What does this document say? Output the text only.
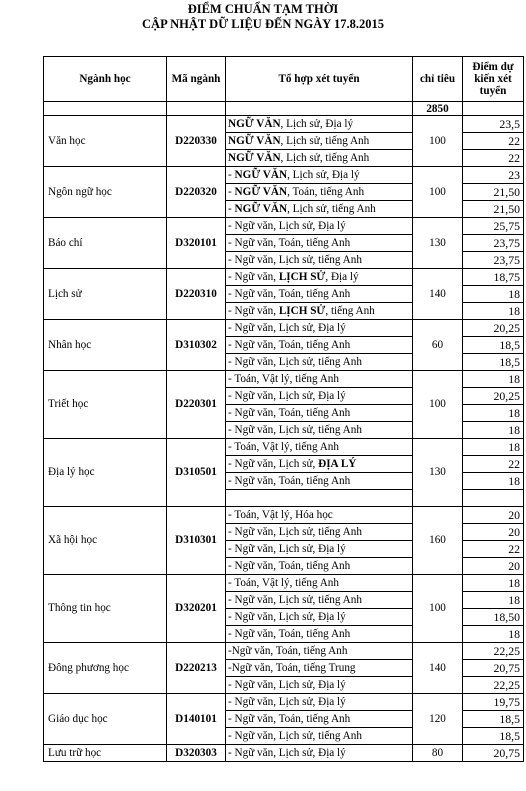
ĐIỂM CHUẨN TẠM THỜI
CẬP NHẬT DỮ LIỆU ĐẾN NGÀY 17.8.2015
Ngành học	Mã ngành	Tổ hợp xét tuyển	chỉ tiêu	Điểm dự kiến xét tuyển
			2850	
Văn học	D220330	NGỮ VĂN, Lịch sử, Địa lý	100	23,5
		NGỮ VĂN, Lịch sử, tiếng Anh		22
		NGỮ VĂN, Lịch sử, tiếng Anh		22
Ngôn ngữ học	D220320	- NGỮ VĂN, Lịch sử, Địa lý	100	23
		- NGỮ VĂN, Toán, tiếng Anh		21,50
		- NGỮ VĂN, Lịch sử, tiếng Anh		21,50
Báo chí	D320101	- Ngữ văn, Lịch sử, Địa lý	130	25,75
		- Ngữ văn, Toán, tiếng Anh		23,75
		- Ngữ văn, Lịch sử, tiếng Anh		23,75
Lịch sử	D220310	- Ngữ văn, LỊCH SỬ, Địa lý	140	18,75
		- Ngữ văn, Toán, tiếng Anh		18
		- Ngữ văn, LỊCH SỬ, tiếng Anh		18
Nhân học	D310302	- Ngữ văn, Lịch sử, Địa lý	60	20,25
		- Ngữ văn, Toán, tiếng Anh		18,5
		- Ngữ văn, Lịch sử, tiếng Anh		18,5
Triết học	D220301	- Toán, Vật lý, tiếng Anh	100	18
		- Ngữ văn, Lịch sử, Địa lý		20,25
		- Ngữ văn, Toán, tiếng Anh		18
		- Ngữ văn, Lịch sử, tiếng Anh		18
Địa lý học	D310501	- Toán, Vật lý, tiếng Anh	130	18
		- Ngữ văn, Lịch sử, ĐỊA LÝ		22
		- Ngữ văn, Toán, tiếng Anh		18

Xã hội học	D310301	- Toán, Vật lý, Hóa học	160	20
		- Ngữ văn, Lịch sử, tiếng Anh		20
		- Ngữ văn, Lịch sử, Địa lý		22
		- Ngữ văn, Toán, tiếng Anh		20
Thông tin học	D320201	- Toán, Vật lý, tiếng Anh	100	18
		- Ngữ văn, Lịch sử, tiếng Anh		18
		- Ngữ văn, Lịch sử, Địa lý		18,50
		- Ngữ văn, Toán, tiếng Anh		18
Đông phương học	D220213	-Ngữ văn, Toán, tiếng Anh	140	22,25
		-Ngữ văn, Toán, tiếng Trung		20,75
		- Ngữ văn, Lịch sử, Địa lý		22,25
Giáo dục học	D140101	- Ngữ văn, Lịch sử, Địa lý	120	19,75
		- Ngữ văn, Toán, tiếng Anh		18,5
		- Ngữ văn, Lịch sử, tiếng Anh		18,5
Lưu trữ học	D320303	- Ngữ văn, Lịch sử, Địa lý	80	20,75
